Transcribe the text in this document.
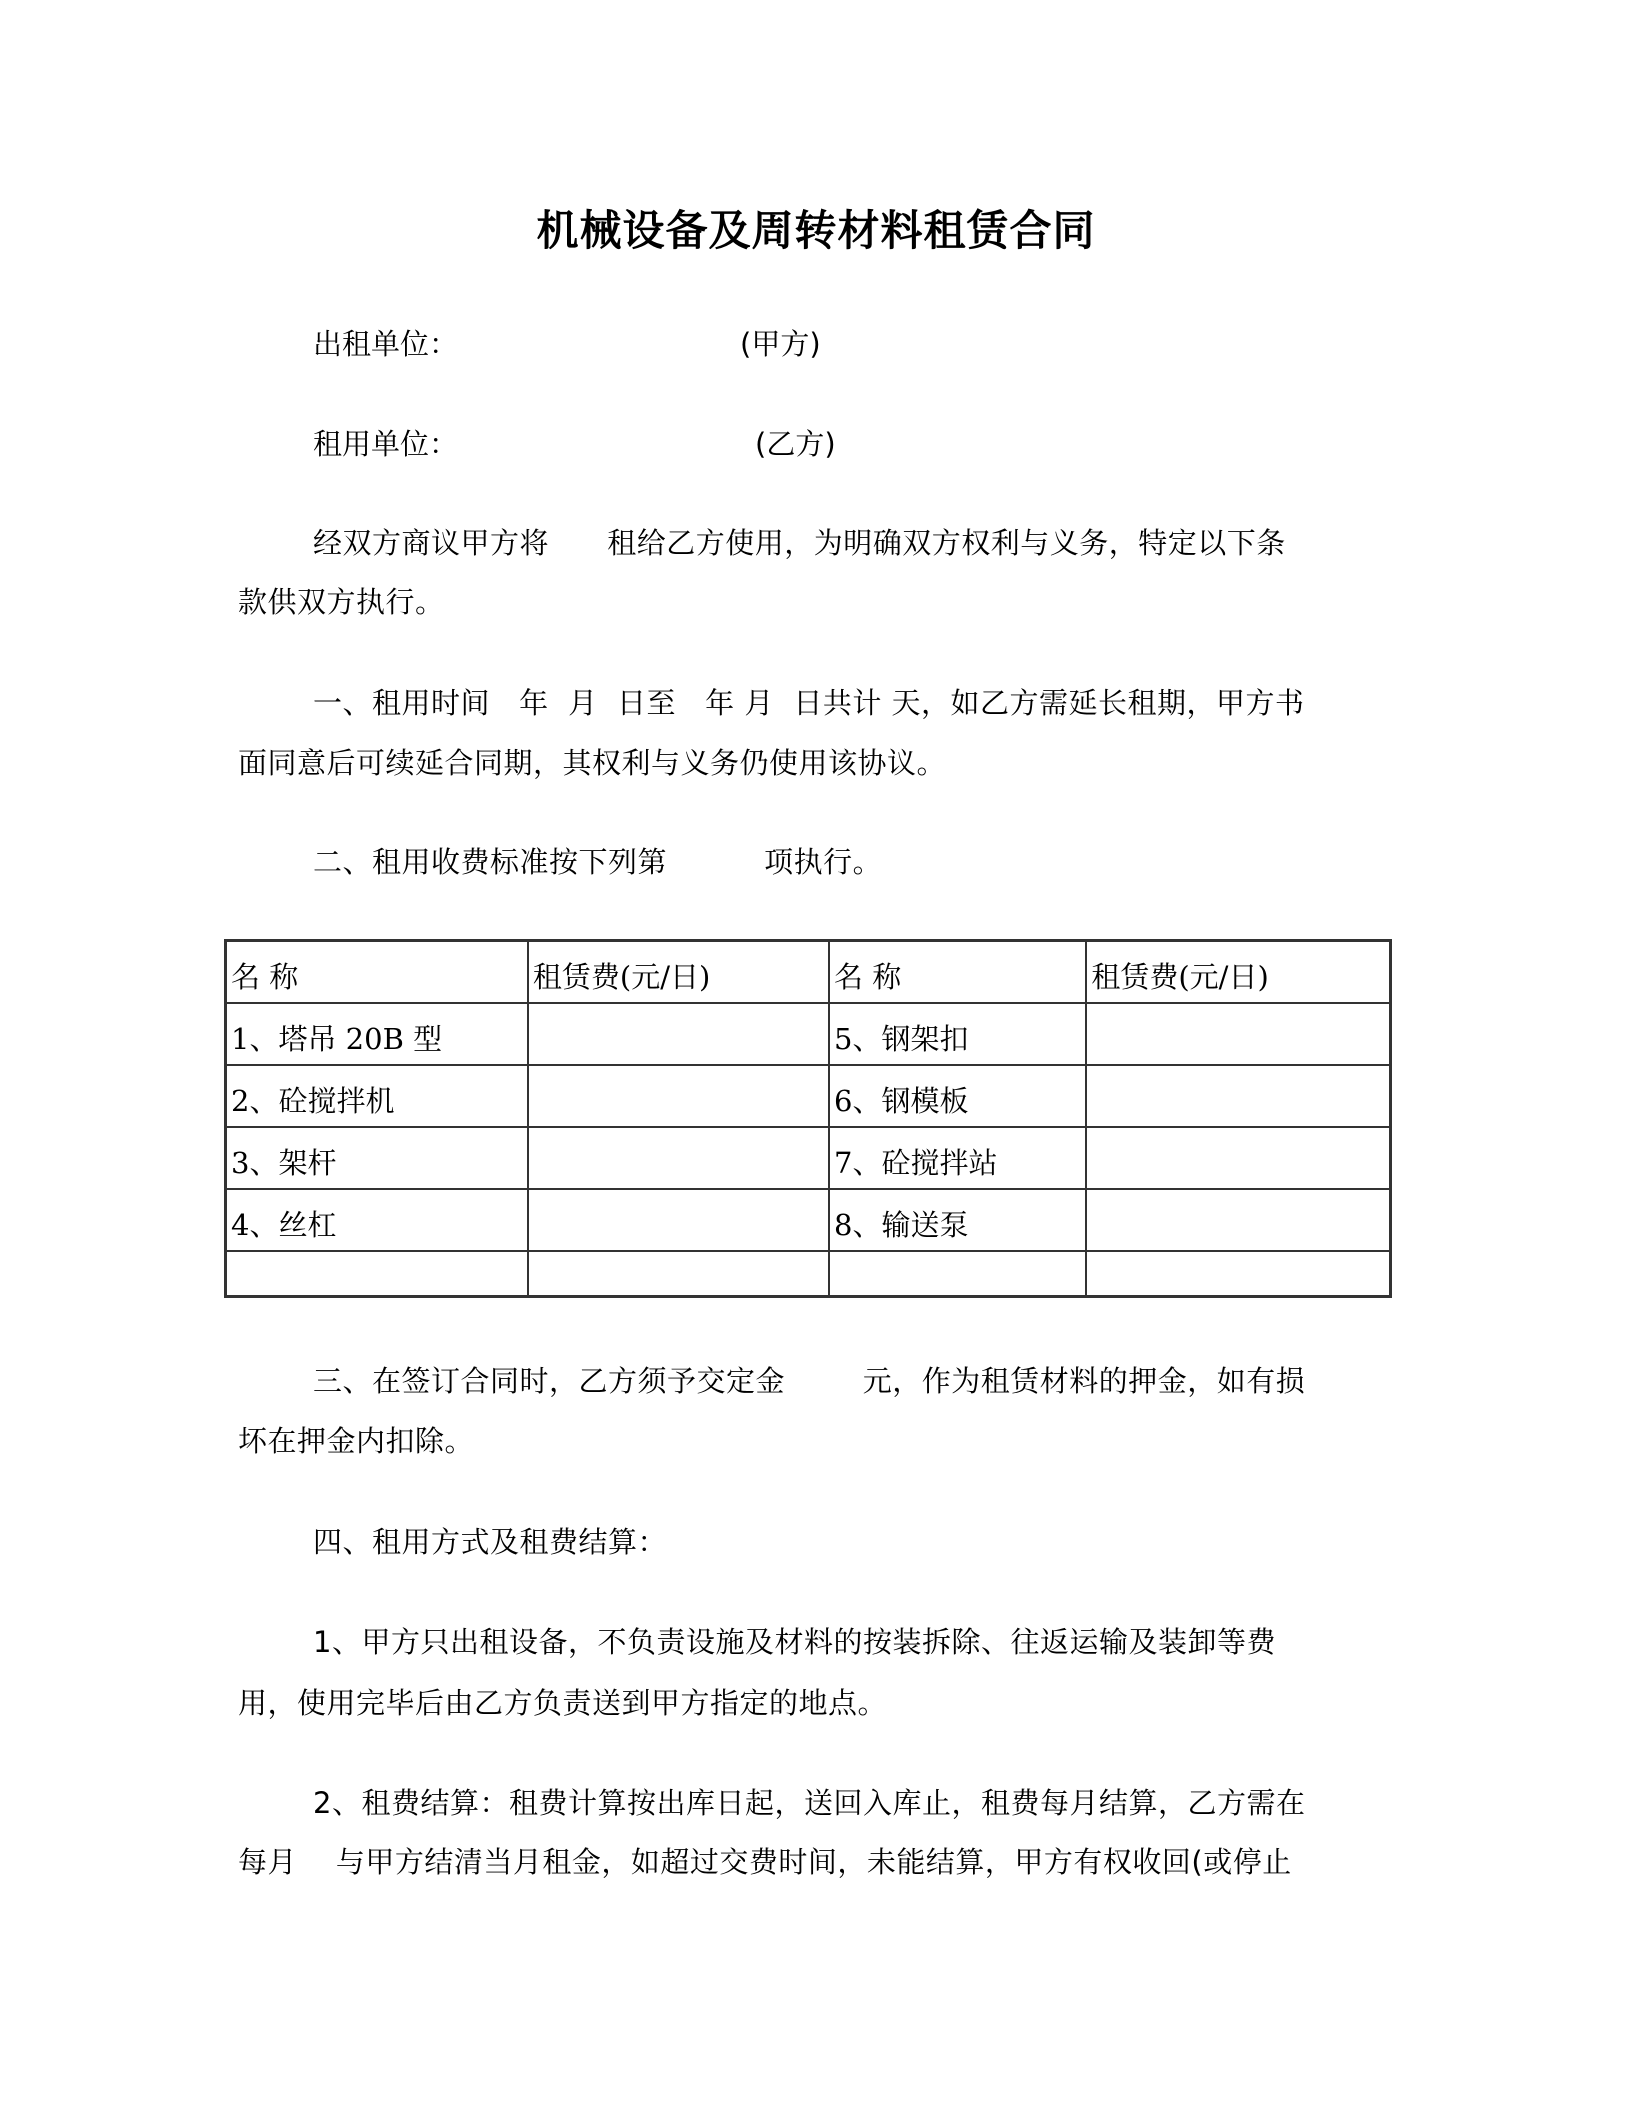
机械设备及周转材料租赁合同
出租单位：	(甲方)
租用单位：	(乙方)
经双方商议甲方将      租给乙方使用，为明确双方权利与义务，特定以下条
款供双方执行。
一、租用时间   年  月  日至   年 月  日共计 天，如乙方需延长租期，甲方书
面同意后可续延合同期，其权利与义务仍使用该协议。
二、租用收费标准按下列第          项执行。
名 称	租赁费(元/日)	名 称	租赁费(元/日)
1、塔吊 20B 型		5、钢架扣	
2、砼搅拌机		6、钢模板	
3、架杆		7、砼搅拌站	
4、丝杠		8、输送泵	

三、在签订合同时，乙方须予交定金        元，作为租赁材料的押金，如有损
坏在押金内扣除。
四、租用方式及租费结算：
1、甲方只出租设备，不负责设施及材料的按装拆除、往返运输及装卸等费
用，使用完毕后由乙方负责送到甲方指定的地点。
2、租费结算：租费计算按出库日起，送回入库止，租费每月结算，乙方需在
每月    与甲方结清当月租金，如超过交费时间，未能结算，甲方有权收回(或停止
